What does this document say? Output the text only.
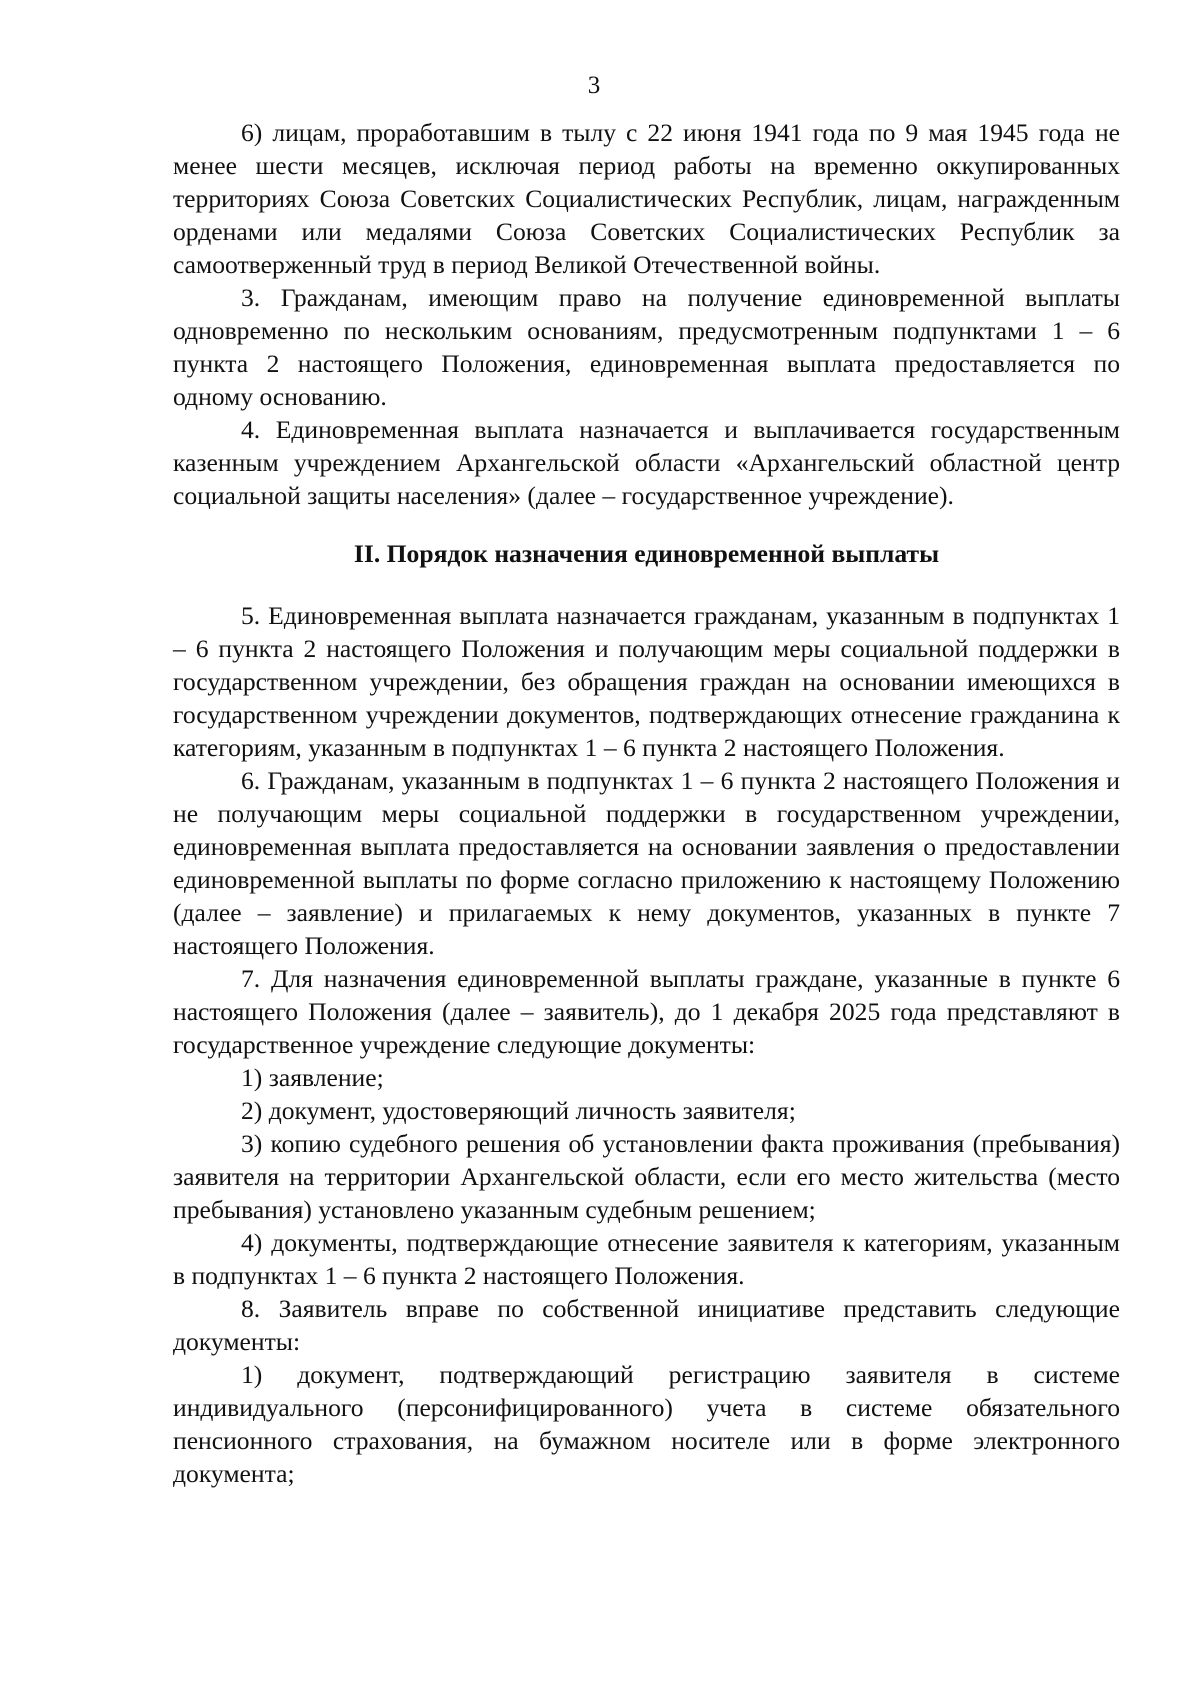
3

6) лицам, проработавшим в тылу с 22 июня 1941 года по 9 мая 1945 года не менее шести месяцев, исключая период работы на временно оккупированных территориях Союза Советских Социалистических Республик, лицам, награжденным орденами или медалями Союза Советских Социалистических Республик за самоотверженный труд в период Великой Отечественной войны.

3. Гражданам, имеющим право на получение единовременной выплаты одновременно по нескольким основаниям, предусмотренным подпунктами 1 – 6 пункта 2 настоящего Положения, единовременная выплата предоставляется по одному основанию.

4. Единовременная выплата назначается и выплачивается государственным казенным учреждением Архангельской области «Архангельский областной центр социальной защиты населения» (далее – государственное учреждение).

II. Порядок назначения единовременной выплаты

5. Единовременная выплата назначается гражданам, указанным в подпунктах 1 – 6 пункта 2 настоящего Положения и получающим меры социальной поддержки в государственном учреждении, без обращения граждан на основании имеющихся в государственном учреждении документов, подтверждающих отнесение гражданина к категориям, указанным в подпунктах 1 – 6 пункта 2 настоящего Положения.

6. Гражданам, указанным в подпунктах 1 – 6 пункта 2 настоящего Положения и не получающим меры социальной поддержки в государственном учреждении, единовременная выплата предоставляется на основании заявления о предоставлении единовременной выплаты по форме согласно приложению к настоящему Положению (далее – заявление) и прилагаемых к нему документов, указанных в пункте 7 настоящего Положения.

7. Для назначения единовременной выплаты граждане, указанные в пункте 6 настоящего Положения (далее – заявитель), до 1 декабря 2025 года представляют в государственное учреждение следующие документы:

1) заявление;

2) документ, удостоверяющий личность заявителя;

3) копию судебного решения об установлении факта проживания (пребывания) заявителя на территории Архангельской области, если его место жительства (место пребывания) установлено указанным судебным решением;

4) документы, подтверждающие отнесение заявителя к категориям, указанным в подпунктах 1 – 6 пункта 2 настоящего Положения.

8. Заявитель вправе по собственной инициативе представить следующие документы:

1) документ, подтверждающий регистрацию заявителя в системе индивидуального (персонифицированного) учета в системе обязательного пенсионного страхования, на бумажном носителе или в форме электронного документа;
